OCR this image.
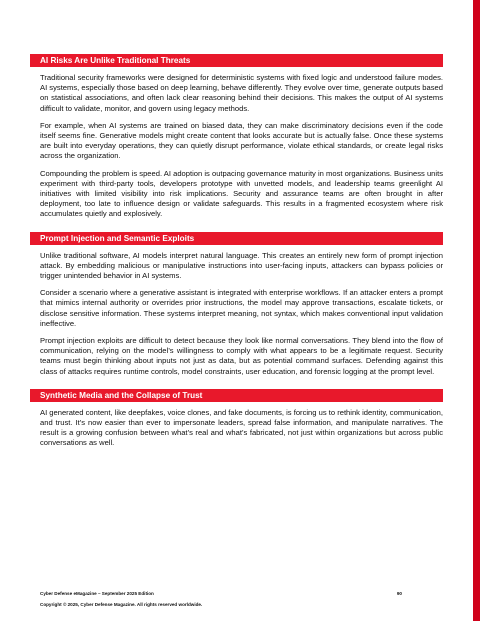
AI Risks Are Unlike Traditional Threats

Traditional security frameworks were designed for deterministic systems with fixed logic and understood failure modes. AI systems, especially those based on deep learning, behave differently. They evolve over time, generate outputs based on statistical associations, and often lack clear reasoning behind their decisions. This makes the output of AI systems difficult to validate, monitor, and govern using legacy methods.

For example, when AI systems are trained on biased data, they can make discriminatory decisions even if the code itself seems fine. Generative models might create content that looks accurate but is actually false. Once these systems are built into everyday operations, they can quietly disrupt performance, violate ethical standards, or create legal risks across the organization.

Compounding the problem is speed. AI adoption is outpacing governance maturity in most organizations. Business units experiment with third-party tools, developers prototype with unvetted models, and leadership teams greenlight AI initiatives with limited visibility into risk implications. Security and assurance teams are often brought in after deployment, too late to influence design or validate safeguards. This results in a fragmented ecosystem where risk accumulates quietly and explosively.

Prompt Injection and Semantic Exploits

Unlike traditional software, AI models interpret natural language. This creates an entirely new form of prompt injection attack. By embedding malicious or manipulative instructions into user-facing inputs, attackers can bypass policies or trigger unintended behavior in AI systems.

Consider a scenario where a generative assistant is integrated with enterprise workflows. If an attacker enters a prompt that mimics internal authority or overrides prior instructions, the model may approve transactions, escalate tickets, or disclose sensitive information. These systems interpret meaning, not syntax, which makes conventional input validation ineffective.

Prompt injection exploits are difficult to detect because they look like normal conversations. They blend into the flow of communication, relying on the model’s willingness to comply with what appears to be a legitimate request. Security teams must begin thinking about inputs not just as data, but as potential command surfaces. Defending against this class of attacks requires runtime controls, model constraints, user education, and forensic logging at the prompt level.

Synthetic Media and the Collapse of Trust

AI generated content, like deepfakes, voice clones, and fake documents, is forcing us to rethink identity, communication, and trust. It’s now easier than ever to impersonate leaders, spread false information, and manipulate narratives. The result is a growing confusion between what’s real and what’s fabricated, not just within organizations but across public conversations as well.

Cyber Defense eMagazine – September 2025 Edition	90
Copyright © 2025, Cyber Defense Magazine. All rights reserved worldwide.
